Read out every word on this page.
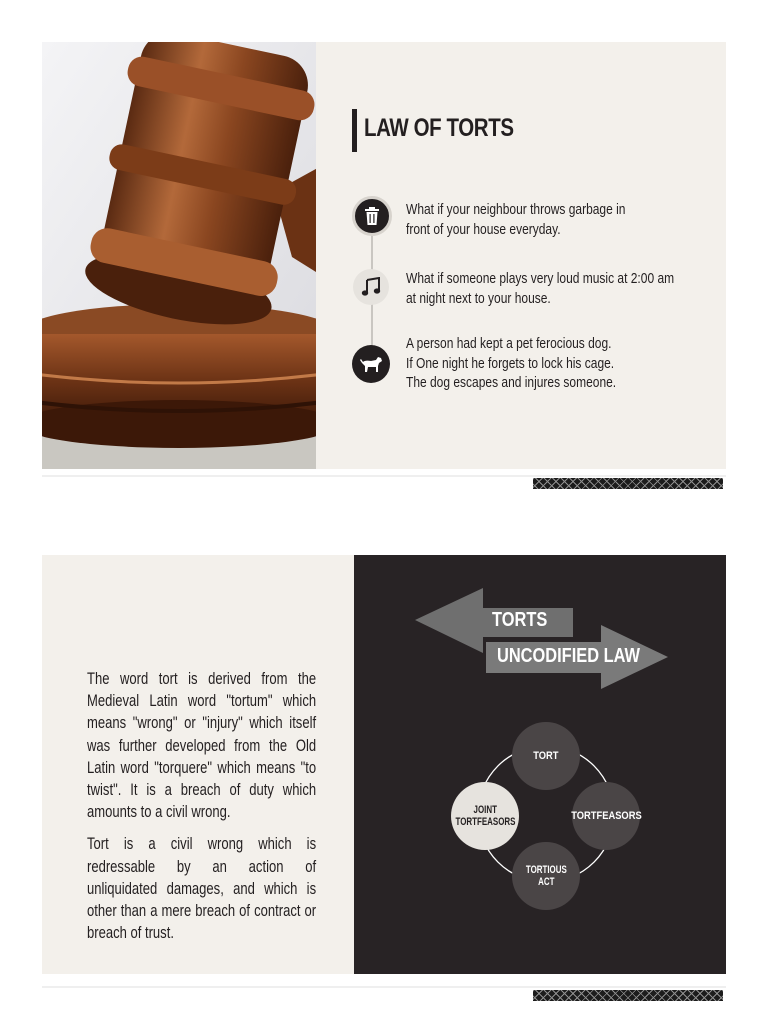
LAW OF TORTS
What if your neighbour throws garbage in
front of your house everyday.
What if someone plays very loud music at 2:00 am
at night next to your house.
A person had kept a pet ferocious dog.
If One night he forgets to lock his cage.
The dog escapes and injures someone.

The word tort is derived from the Medieval Latin word "tortum" which means "wrong" or "injury" which itself was further developed from the Old Latin word "torquere" which means "to twist". It is a breach of duty which amounts to a civil wrong.

Tort is a civil wrong which is redressable by an action of unliquidated damages, and which is other than a mere breach of contract or breach of trust.

TORTS
UNCODIFIED LAW
TORT
TORTFEASORS
TORTIOUS
ACT
JOINT
TORTFEASORS
